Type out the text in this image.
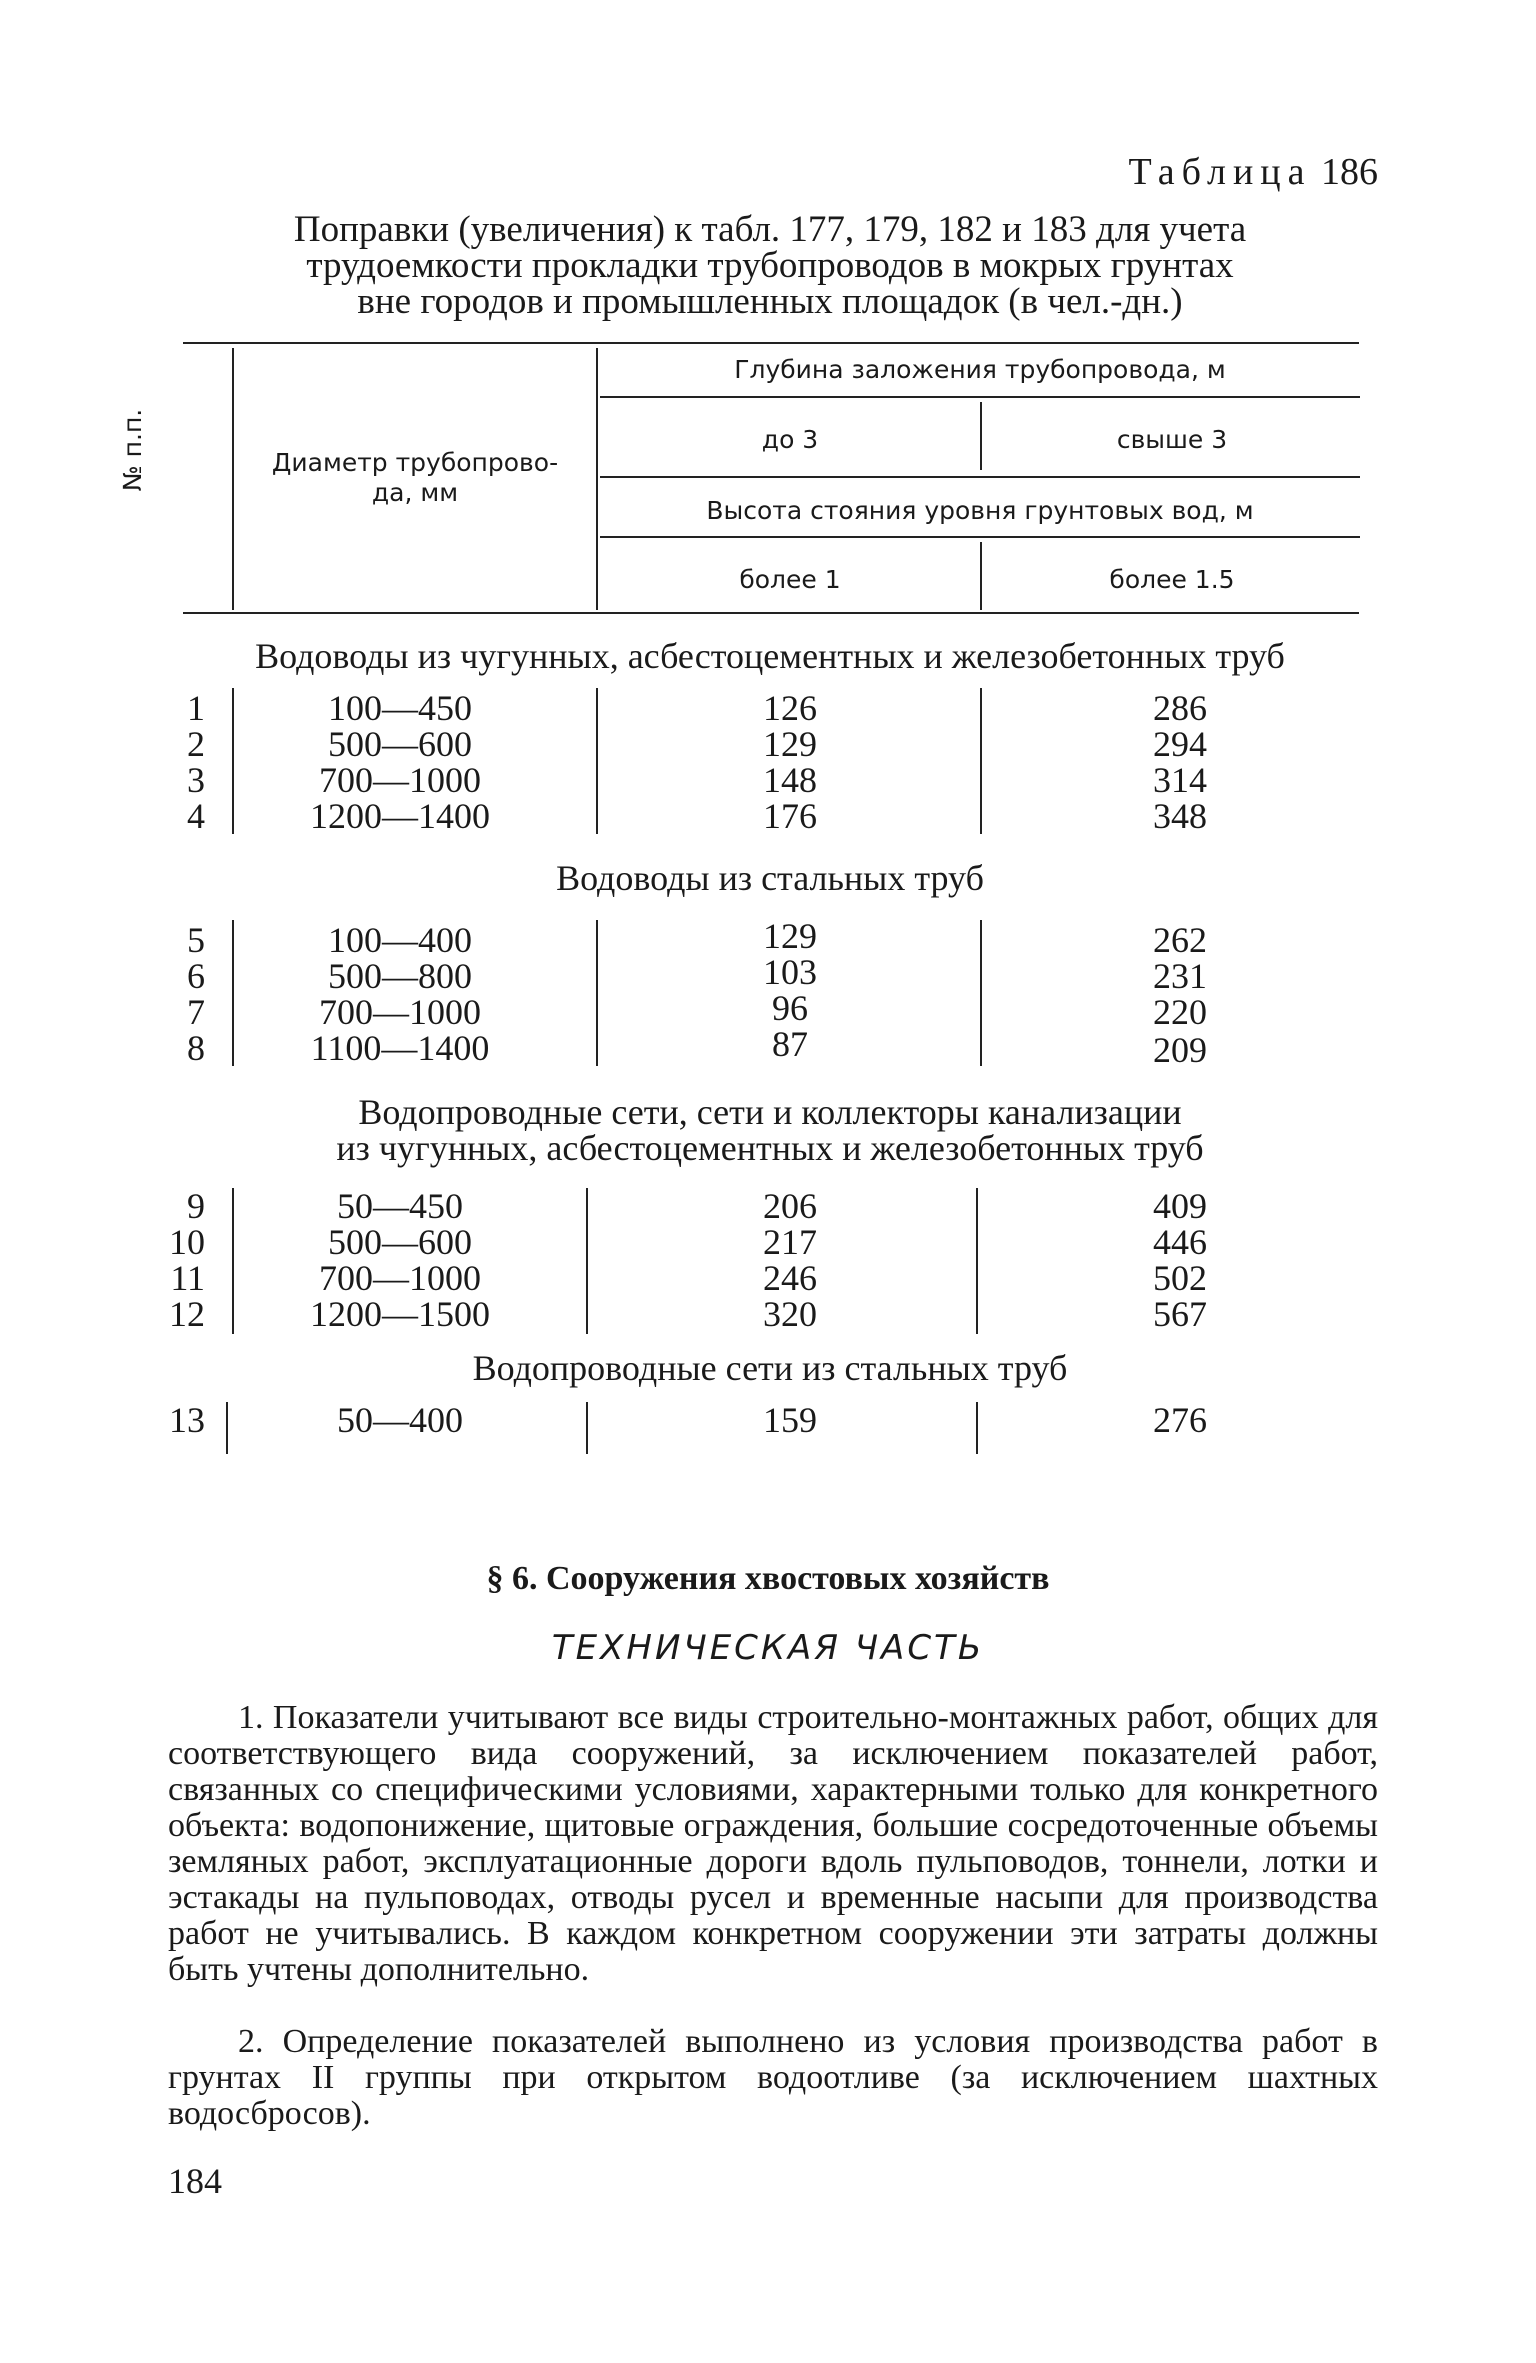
Таблица 186
Поправки (увеличения) к табл. 177, 179, 182 и 183 для учета
трудоемкости прокладки трубопроводов в мокрых грунтах
вне городов и промышленных площадок (в чел.-дн.)
№ п.п.	Диаметр трубопрово-
да, мм
Глубина заложения трубопровода, м
до 3	свыше 3
Высота стояния уровня грунтовых вод, м
более 1	более 1.5
Водоводы из чугунных, асбестоцементных и железобетонных труб
1	100—450	126	286
2	500—600	129	294
3	700—1000	148	314
4	1200—1400	176	348
Водоводы из стальных труб
5	100—400	129	262
6	500—800	103	231
7	700—1000	96	220
8	1100—1400	87	209
Водопроводные сети, сети и коллекторы канализации
из чугунных, асбестоцементных и железобетонных труб
9	50—450	206	409
10	500—600	217	446
11	700—1000	246	502
12	1200—1500	320	567
Водопроводные сети из стальных труб
13	50—400	159	276
§ 6. Сооружения хвостовых хозяйств
ТЕХНИЧЕСКАЯ ЧАСТЬ
1. Показатели учитывают все виды строительно-монтажных работ, общих для соответствующего вида сооружений, за исключением показателей работ, связанных со специфическими условиями, характерными только для конкретного объекта: водопонижение, щитовые ограждения, большие сосредоточенные объемы земляных работ, эксплуатационные дороги вдоль пульповодов, тоннели, лотки и эстакады на пульповодах, отводы русел и временные насыпи для производства работ не учитывались. В каждом конкретном сооружении эти затраты должны быть учтены дополнительно.
2. Определение показателей выполнено из условия производства работ в грунтах II группы при открытом водоотливе (за исключением шахтных водосбросов).
184
